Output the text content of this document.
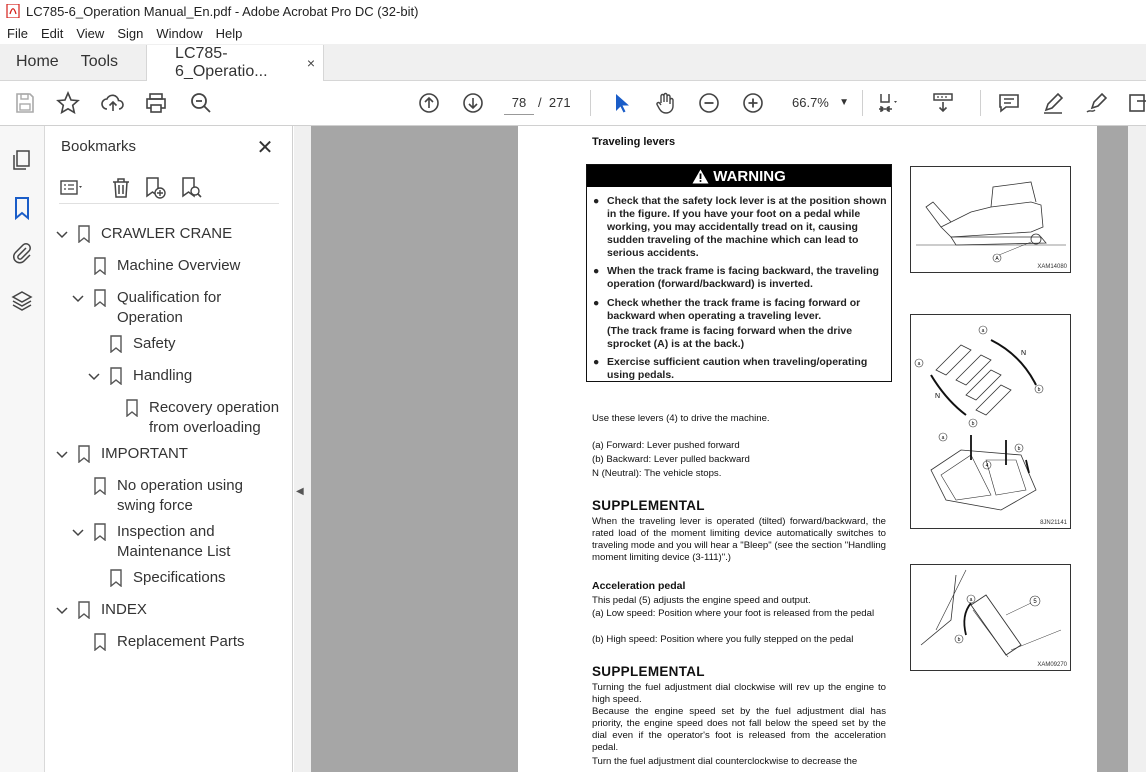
LC785-6_Operation Manual_En.pdf - Adobe Acrobat Pro DC (32-bit)
File	Edit	View	Sign	Window	Help
Home	Tools	LC785-6_Operatio...	×
78 / 271	66.7% ▼
Bookmarks	✕
CRAWLER CRANE
Machine Overview
Qualification for
Operation
Safety
Handling
Recovery operation
from overloading
IMPORTANT
No operation using
swing force
Inspection and
Maintenance List
Specifications
INDEX
Replacement Parts
◀
Traveling levers
WARNING
● Check that the safety lock lever is at the position shown in the figure. If you have your foot on a pedal while working, you may accidentally tread on it, causing sudden traveling of the machine which can lead to serious accidents.
● When the track frame is facing backward, the traveling operation (forward/backward) is inverted.
● Check whether the track frame is facing forward or backward when operating a traveling lever.
(The track frame is facing forward when the drive sprocket (A) is at the back.)
● Exercise sufficient caution when traveling/operating using pedals.
Use these levers (4) to drive the machine.
(a) Forward: Lever pushed forward
(b) Backward: Lever pulled backward
N (Neutral): The vehicle stops.
SUPPLEMENTAL
When the traveling lever is operated (tilted) forward/backward, the rated load of the moment limiting device automatically switches to traveling mode and you will hear a "Bleep" (see the section "Handling moment limiting device (3-111)".)
Acceleration pedal
This pedal (5) adjusts the engine speed and output.
(a) Low speed: Position where your foot is released from the pedal
(b) High speed: Position where you fully stepped on the pedal
SUPPLEMENTAL
Turning the fuel adjustment dial clockwise will rev up the engine to high speed.
Because the engine speed set by the fuel adjustment dial has priority, the engine speed does not fall below the speed set by the dial even if the operator's foot is released from the acceleration pedal.
Turn the fuel adjustment dial counterclockwise to decrease the
A
XAM14080
a
a
b
N
N
b
a
b
4
8JN21141
5
a
b
XAM09270
